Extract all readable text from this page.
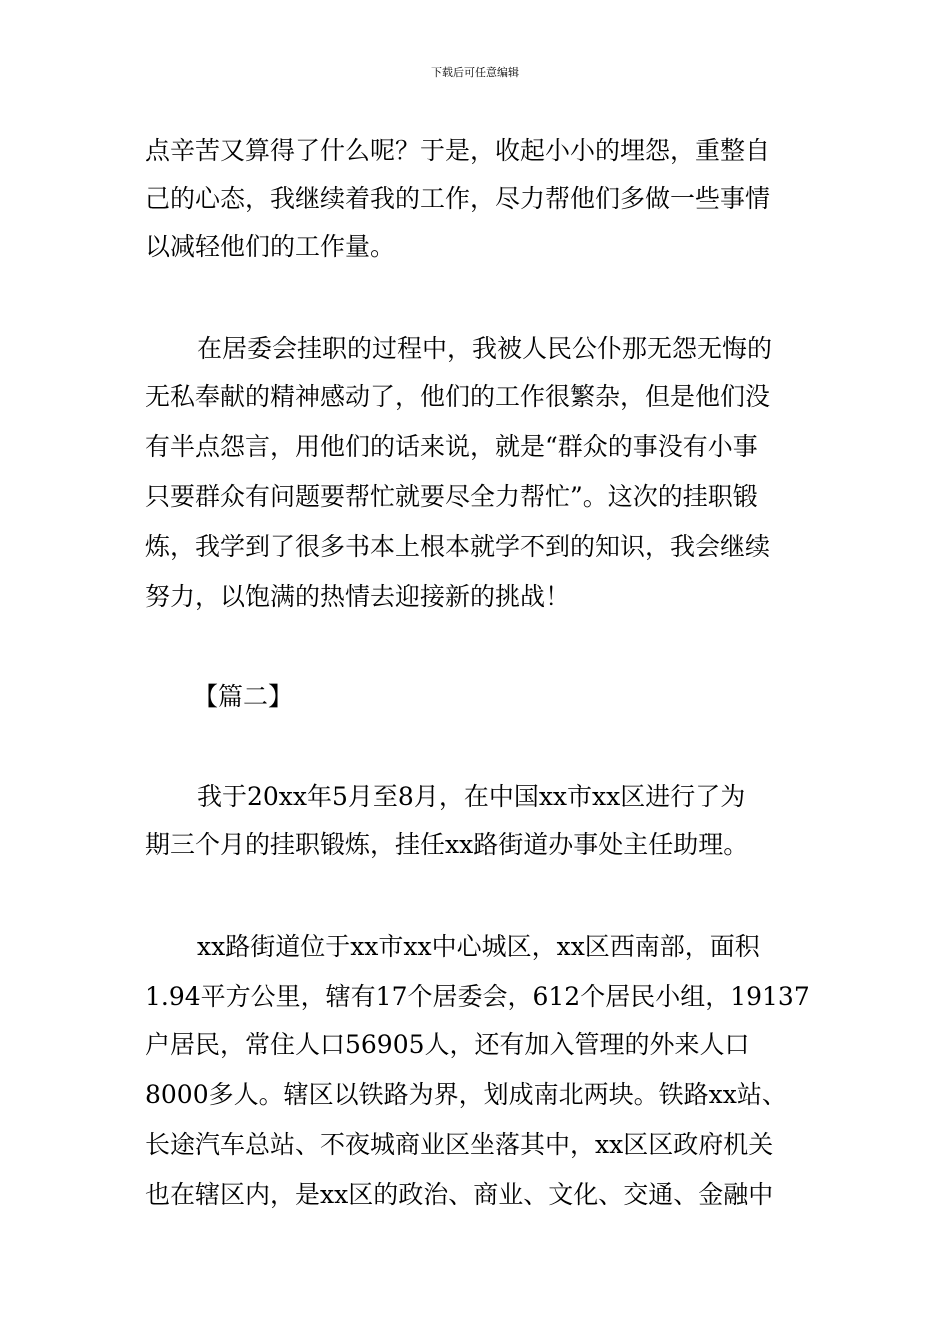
下载后可任意编辑
点辛苦又算得了什么呢？于是，收起小小的埋怨，重整自
己的心态，我继续着我的工作，尽力帮他们多做一些事情
以减轻他们的工作量。
在居委会挂职的过程中，我被人民公仆那无怨无悔的
无私奉献的精神感动了，他们的工作很繁杂，但是他们没
有半点怨言，用他们的话来说，就是“群众的事没有小事
只要群众有问题要帮忙就要尽全力帮忙”。这次的挂职锻
炼，我学到了很多书本上根本就学不到的知识，我会继续
努力，以饱满的热情去迎接新的挑战！
【篇二】
我于20xx年5月至8月，在中国xx市xx区进行了为
期三个月的挂职锻炼，挂任xx路街道办事处主任助理。
xx路街道位于xx市xx中心城区，xx区西南部，面积
1.94平方公里，辖有17个居委会，612个居民小组，19137
户居民，常住人口56905人，还有加入管理的外来人口
8000多人。辖区以铁路为界，划成南北两块。铁路xx站、
长途汽车总站、不夜城商业区坐落其中，xx区区政府机关
也在辖区内，是xx区的政治、商业、文化、交通、金融中
